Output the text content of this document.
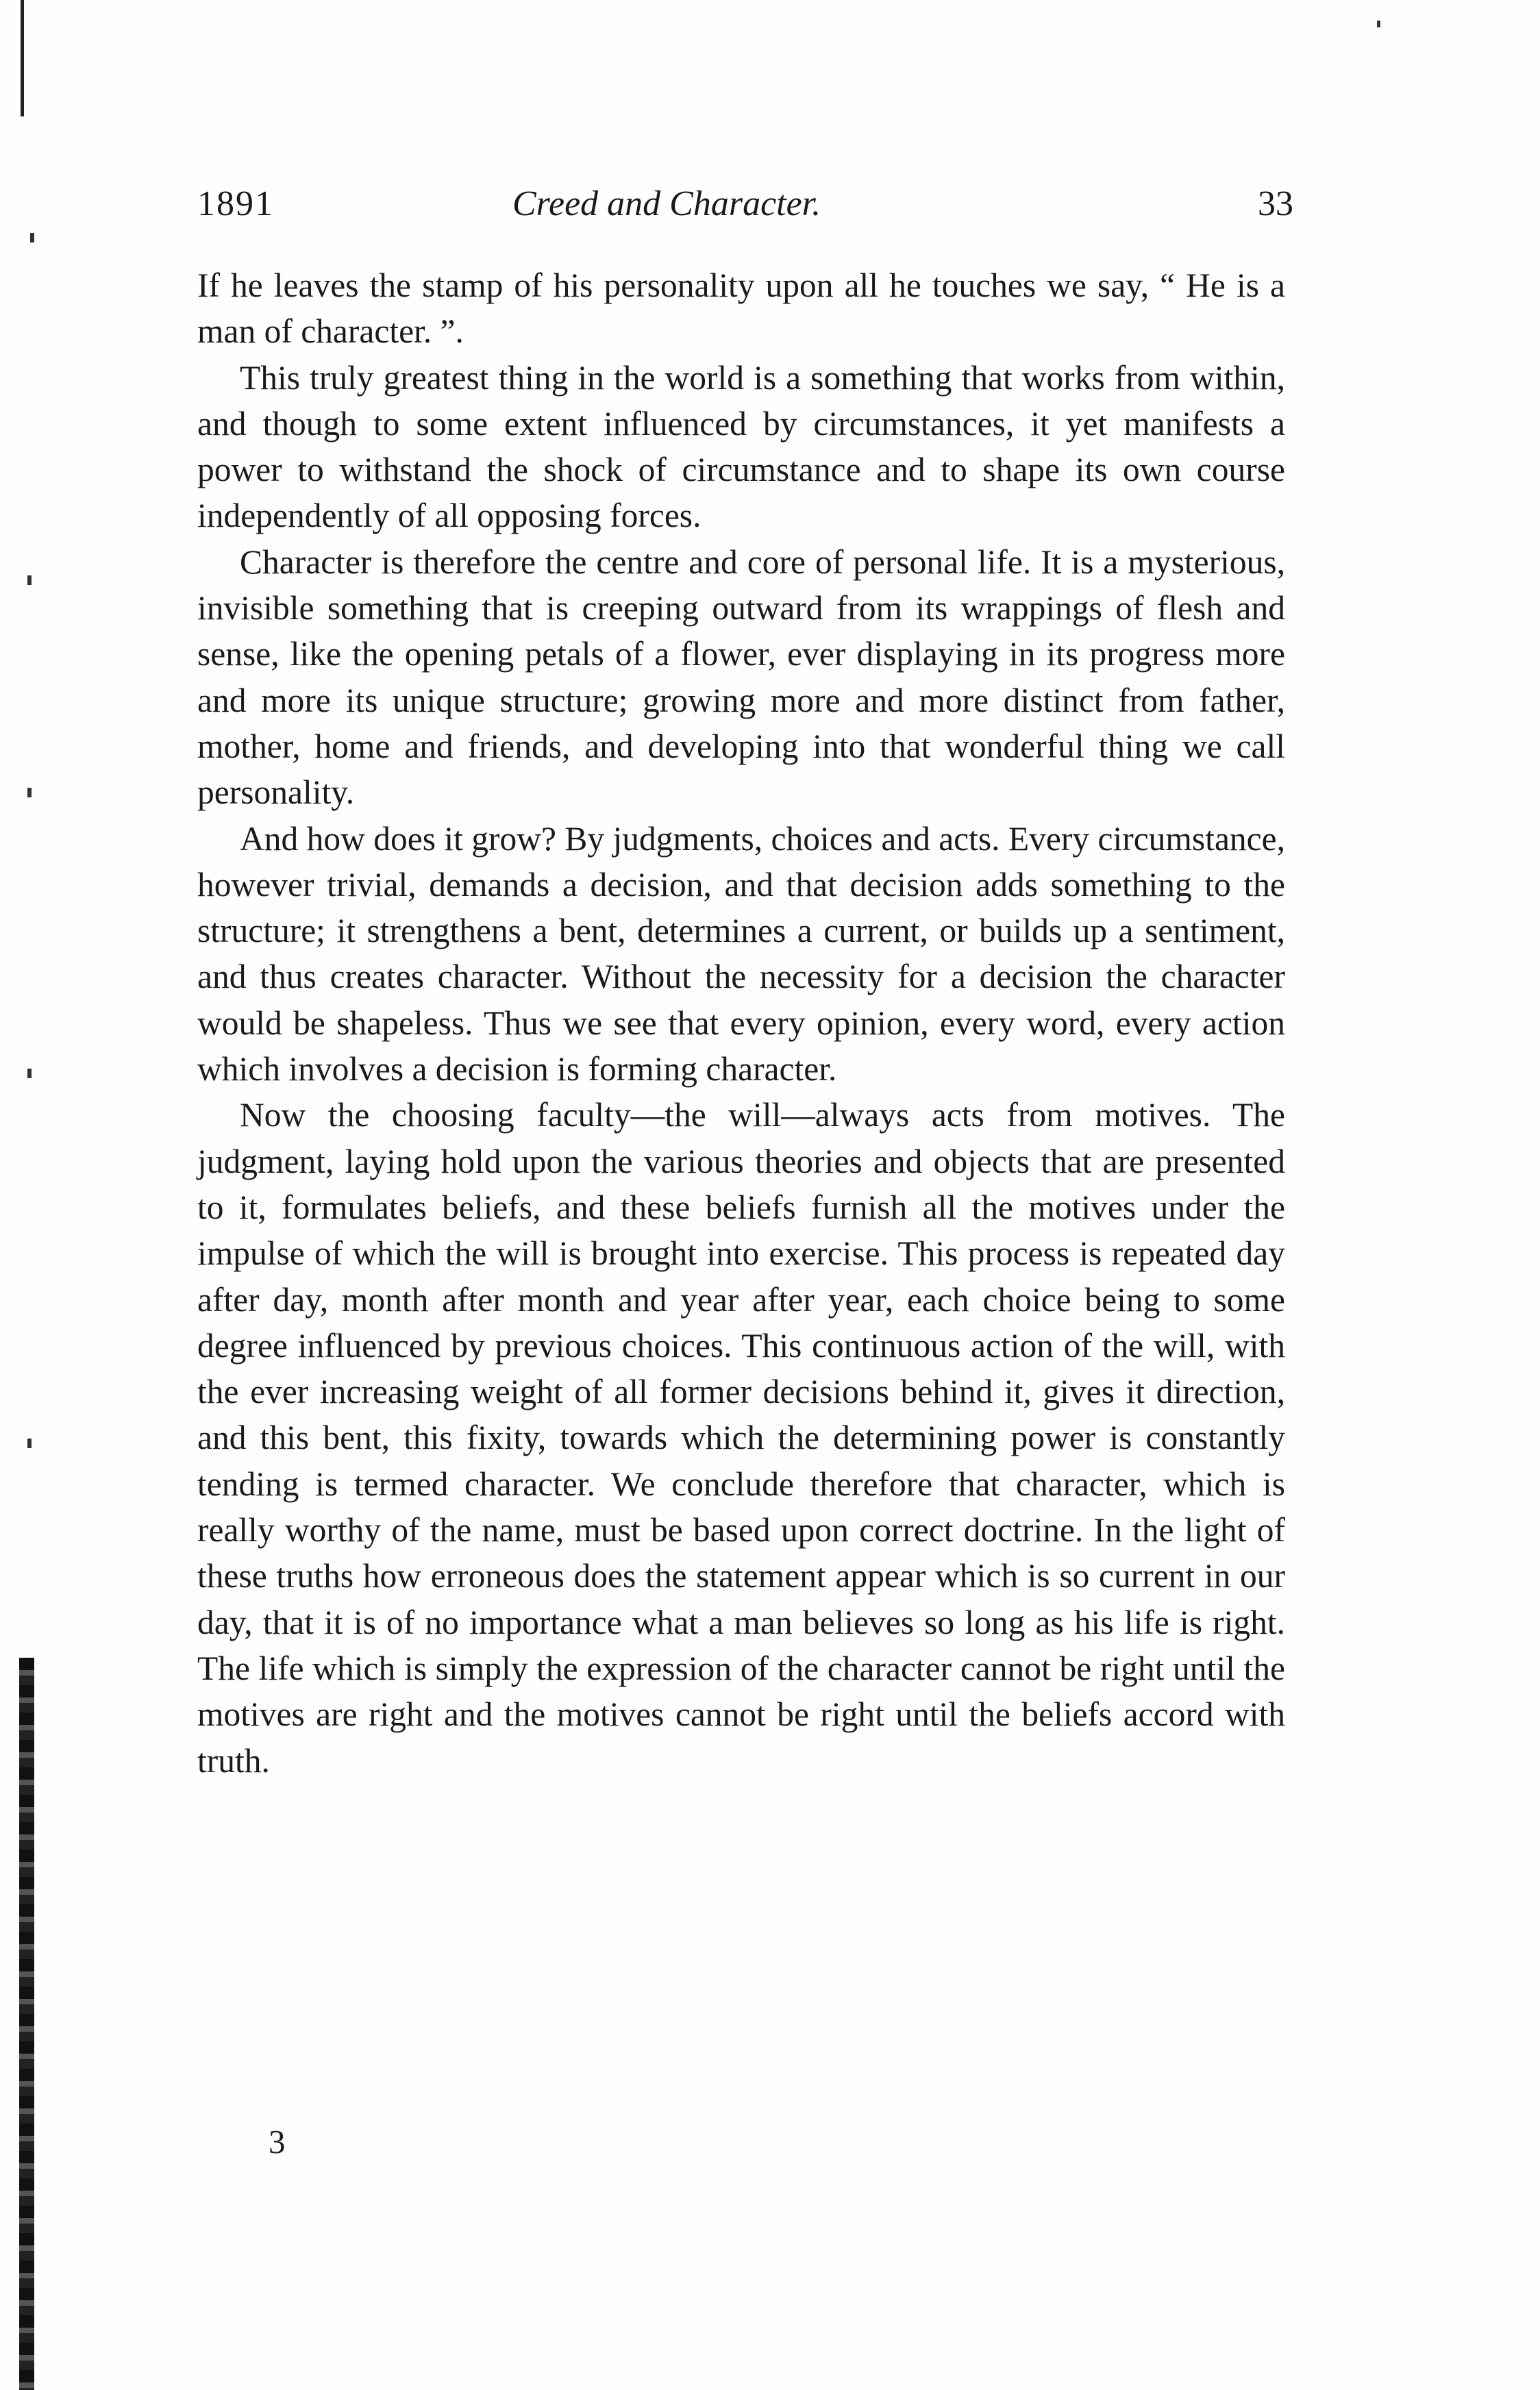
1891	Creed and Character.	33

If he leaves the stamp of his personality upon all he touches we say, “ He is a man of character. ”.

This truly greatest thing in the world is a something that works from within, and though to some extent influenced by circumstances, it yet manifests a power to withstand the shock of circumstance and to shape its own course independently of all opposing forces.

Character is therefore the centre and core of personal life. It is a mysterious, invisible something that is creeping outward from its wrappings of flesh and sense, like the opening petals of a flower, ever displaying in its progress more and more its unique structure; growing more and more distinct from father, mother, home and friends, and developing into that wonderful thing we call personality.

And how does it grow? By judgments, choices and acts. Every circumstance, however trivial, demands a decision, and that decision adds something to the structure; it strengthens a bent, determines a current, or builds up a sentiment, and thus creates character. Without the necessity for a decision the character would be shapeless. Thus we see that every opinion, every word, every action which involves a decision is forming character.

Now the choosing faculty—the will—always acts from motives. The judgment, laying hold upon the various theories and objects that are presented to it, formulates beliefs, and these beliefs furnish all the motives under the impulse of which the will is brought into exercise. This process is repeated day after day, month after month and year after year, each choice being to some degree influenced by previous choices. This continuous action of the will, with the ever increasing weight of all former decisions behind it, gives it direction, and this bent, this fixity, towards which the determining power is constantly tending is termed character. We conclude therefore that character, which is really worthy of the name, must be based upon correct doctrine. In the light of these truths how erroneous does the statement appear which is so current in our day, that it is of no importance what a man believes so long as his life is right. The life which is simply the expression of the character cannot be right until the motives are right and the motives cannot be right until the beliefs accord with truth.

3
